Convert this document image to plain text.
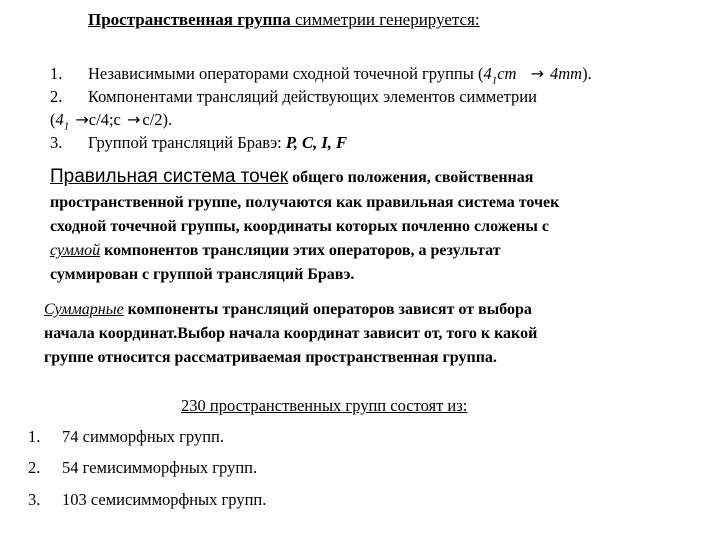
Пространственная группа симметрии генерируется:
1. Независимыми операторами сходной точечной группы $(4_1cm \to 4mm)$.
2. Компонентами трансляций действующих элементов симметрии
($4_1$ →c/4;c → c/2).
3. Группой трансляций Бравэ: P, C, I, F
Правильная система точек общего положения, свойственная
пространственной группе, получаются как правильная система точек
сходной точечной группы, координаты которых почленно сложены с
суммой компонентов трансляции этих операторов, а результат
суммирован с группой трансляций Бравэ.
Суммарные компоненты трансляций операторов зависят от выбора
начала координат.Выбор начала координат зависит от, того к какой
группе относится рассматриваемая пространственная группа.
230 пространственных групп состоят из:
1. 74 симморфных групп.
2. 54 гемисимморфных групп.
3. 103 семисимморфных групп.
